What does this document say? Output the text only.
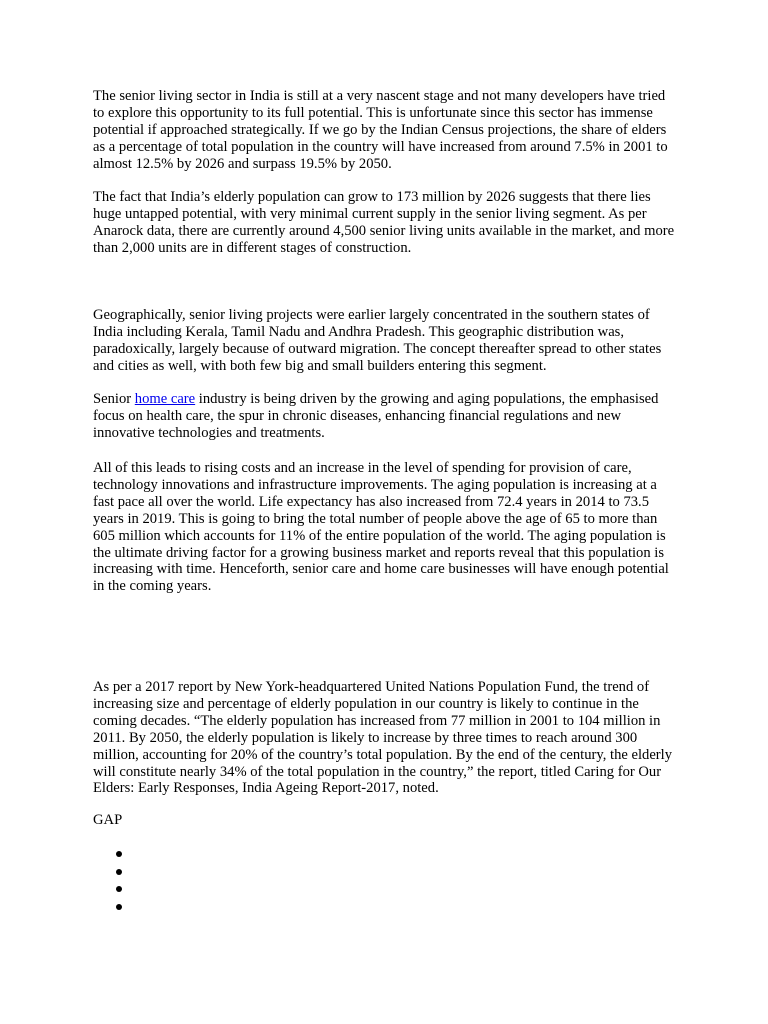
The senior living sector in India is still at a very nascent stage and not many developers have tried to explore this opportunity to its full potential. This is unfortunate since this sector has immense potential if approached strategically. If we go by the Indian Census projections, the share of elders as a percentage of total population in the country will have increased from around 7.5% in 2001 to almost 12.5% by 2026 and surpass 19.5% by 2050.

The fact that India’s elderly population can grow to 173 million by 2026 suggests that there lies huge untapped potential, with very minimal current supply in the senior living segment. As per Anarock data, there are currently around 4,500 senior living units available in the market, and more than 2,000 units are in different stages of construction.

Geographically, senior living projects were earlier largely concentrated in the southern states of India including Kerala, Tamil Nadu and Andhra Pradesh. This geographic distribution was, paradoxically, largely because of outward migration. The concept thereafter spread to other states and cities as well, with both few big and small builders entering this segment.

Senior home care industry is being driven by the growing and aging populations, the emphasised focus on health care, the spur in chronic diseases, enhancing financial regulations and new innovative technologies and treatments.

All of this leads to rising costs and an increase in the level of spending for provision of care, technology innovations and infrastructure improvements. The aging population is increasing at a fast pace all over the world. Life expectancy has also increased from 72.4 years in 2014 to 73.5 years in 2019. This is going to bring the total number of people above the age of 65 to more than 605 million which accounts for 11% of the entire population of the world. The aging population is the ultimate driving factor for a growing business market and reports reveal that this population is increasing with time. Henceforth, senior care and home care businesses will have enough potential in the coming years.

As per a 2017 report by New York-headquartered United Nations Population Fund, the trend of increasing size and percentage of elderly population in our country is likely to continue in the coming decades. “The elderly population has increased from 77 million in 2001 to 104 million in 2011. By 2050, the elderly population is likely to increase by three times to reach around 300 million, accounting for 20% of the country’s total population. By the end of the century, the elderly will constitute nearly 34% of the total population in the country,” the report, titled Caring for Our Elders: Early Responses, India Ageing Report-2017, noted.

GAP
